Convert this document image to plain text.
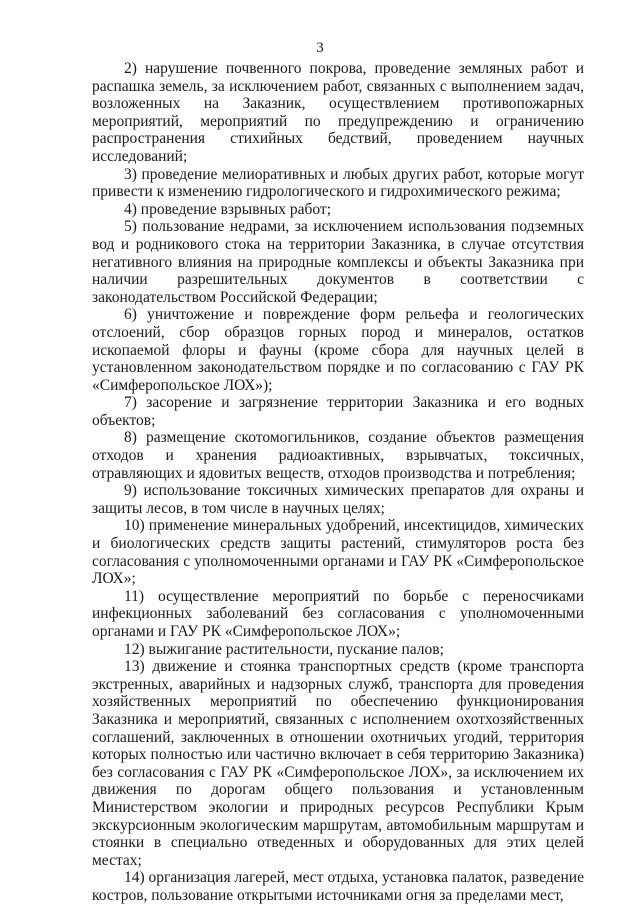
3

2) нарушение почвенного покрова, проведение земляных работ и распашка земель, за исключением работ, связанных с выполнением задач, возложенных на Заказник, осуществлением противопожарных мероприятий, мероприятий по предупреждению и ограничению распространения стихийных бедствий, проведением научных исследований;

3) проведение мелиоративных и любых других работ, которые могут привести к изменению гидрологического и гидрохимического режима;

4) проведение взрывных работ;

5) пользование недрами, за исключением использования подземных вод и родникового стока на территории Заказника, в случае отсутствия негативного влияния на природные комплексы и объекты Заказника при наличии разрешительных документов в соответствии с законодательством Российской Федерации;

6) уничтожение и повреждение форм рельефа и геологических отслоений, сбор образцов горных пород и минералов, остатков ископаемой флоры и фауны (кроме сбора для научных целей в установленном законодательством порядке и по согласованию с ГАУ РК «Симферопольское ЛОХ»);

7) засорение и загрязнение территории Заказника и его водных объектов;

8) размещение скотомогильников, создание объектов размещения отходов и хранения радиоактивных, взрывчатых, токсичных, отравляющих и ядовитых веществ, отходов производства и потребления;

9) использование токсичных химических препаратов для охраны и защиты лесов, в том числе в научных целях;

10) применение минеральных удобрений, инсектицидов, химических и биологических средств защиты растений, стимуляторов роста без согласования с уполномоченными органами и ГАУ РК «Симферопольское ЛОХ»;

11) осуществление мероприятий по борьбе с переносчиками инфекционных заболеваний без согласования с уполномоченными органами и ГАУ РК «Симферопольское ЛОХ»;

12) выжигание растительности, пускание палов;

13) движение и стоянка транспортных средств (кроме транспорта экстренных, аварийных и надзорных служб, транспорта для проведения хозяйственных мероприятий по обеспечению функционирования Заказника и мероприятий, связанных с исполнением охотхозяйственных соглашений, заключенных в отношении охотничьих угодий, территория которых полностью или частично включает в себя территорию Заказника) без согласования с ГАУ РК «Симферопольское ЛОХ», за исключением их движения по дорогам общего пользования и установленным Министерством экологии и природных ресурсов Республики Крым экскурсионным экологическим маршрутам, автомобильным маршрутам и стоянки в специально отведенных и оборудованных для этих целей местах;

14) организация лагерей, мест отдыха, установка палаток, разведение костров, пользование открытыми источниками огня за пределами мест,
